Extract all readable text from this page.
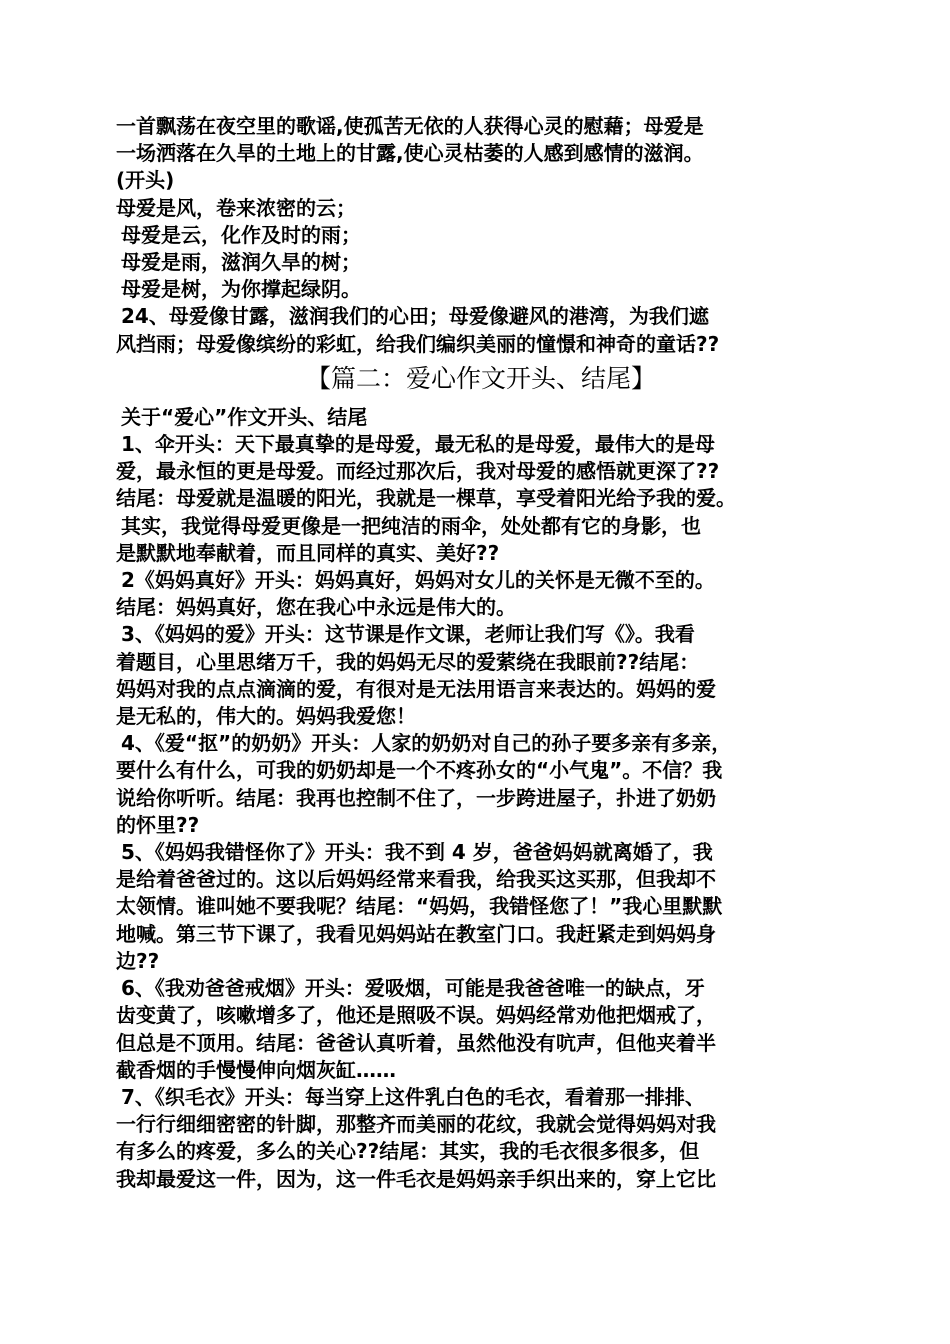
一首飘荡在夜空里的歌谣,使孤苦无依的人获得心灵的慰藉；母爱是
一场洒落在久旱的土地上的甘露,使心灵枯萎的人感到感情的滋润。
(开头)
母爱是风，卷来浓密的云；
母爱是云，化作及时的雨；
母爱是雨，滋润久旱的树；
母爱是树，为你撑起绿阴。
24、母爱像甘露，滋润我们的心田；母爱像避风的港湾，为我们遮
风挡雨；母爱像缤纷的彩虹，给我们编织美丽的憧憬和神奇的童话??
【篇二：爱心作文开头、结尾】
关于“爱心”作文开头、结尾
1、伞开头：天下最真挚的是母爱，最无私的是母爱，最伟大的是母
爱，最永恒的更是母爱。而经过那次后，我对母爱的感悟就更深了??
结尾：母爱就是温暖的阳光，我就是一棵草，享受着阳光给予我的爱。
其实，我觉得母爱更像是一把纯洁的雨伞，处处都有它的身影，也
是默默地奉献着，而且同样的真实、美好??
2《妈妈真好》开头：妈妈真好，妈妈对女儿的关怀是无微不至的。
结尾：妈妈真好，您在我心中永远是伟大的。
3、《妈妈的爱》开头：这节课是作文课，老师让我们写《》。我看
着题目，心里思绪万千，我的妈妈无尽的爱萦绕在我眼前??结尾：
妈妈对我的点点滴滴的爱，有很对是无法用语言来表达的。妈妈的爱
是无私的，伟大的。妈妈我爱您！
4、《爱“抠”的奶奶》开头：人家的奶奶对自己的孙子要多亲有多亲，
要什么有什么，可我的奶奶却是一个不疼孙女的“小气鬼”。不信？我
说给你听听。结尾：我再也控制不住了，一步跨进屋子，扑进了奶奶
的怀里??
5、《妈妈我错怪你了》开头：我不到 4 岁，爸爸妈妈就离婚了，我
是给着爸爸过的。这以后妈妈经常来看我，给我买这买那，但我却不
太领情。谁叫她不要我呢？结尾：“妈妈，我错怪您了！”我心里默默
地喊。第三节下课了，我看见妈妈站在教室门口。我赶紧走到妈妈身
边??
6、《我劝爸爸戒烟》开头：爱吸烟，可能是我爸爸唯一的缺点，牙
齿变黄了，咳嗽增多了，他还是照吸不误。妈妈经常劝他把烟戒了，
但总是不顶用。结尾：爸爸认真听着，虽然他没有吭声，但他夹着半
截香烟的手慢慢伸向烟灰缸……
7、《织毛衣》开头：每当穿上这件乳白色的毛衣，看着那一排排、
一行行细细密密的针脚，那整齐而美丽的花纹，我就会觉得妈妈对我
有多么的疼爱，多么的关心??结尾：其实，我的毛衣很多很多，但
我却最爱这一件，因为，这一件毛衣是妈妈亲手织出来的，穿上它比
